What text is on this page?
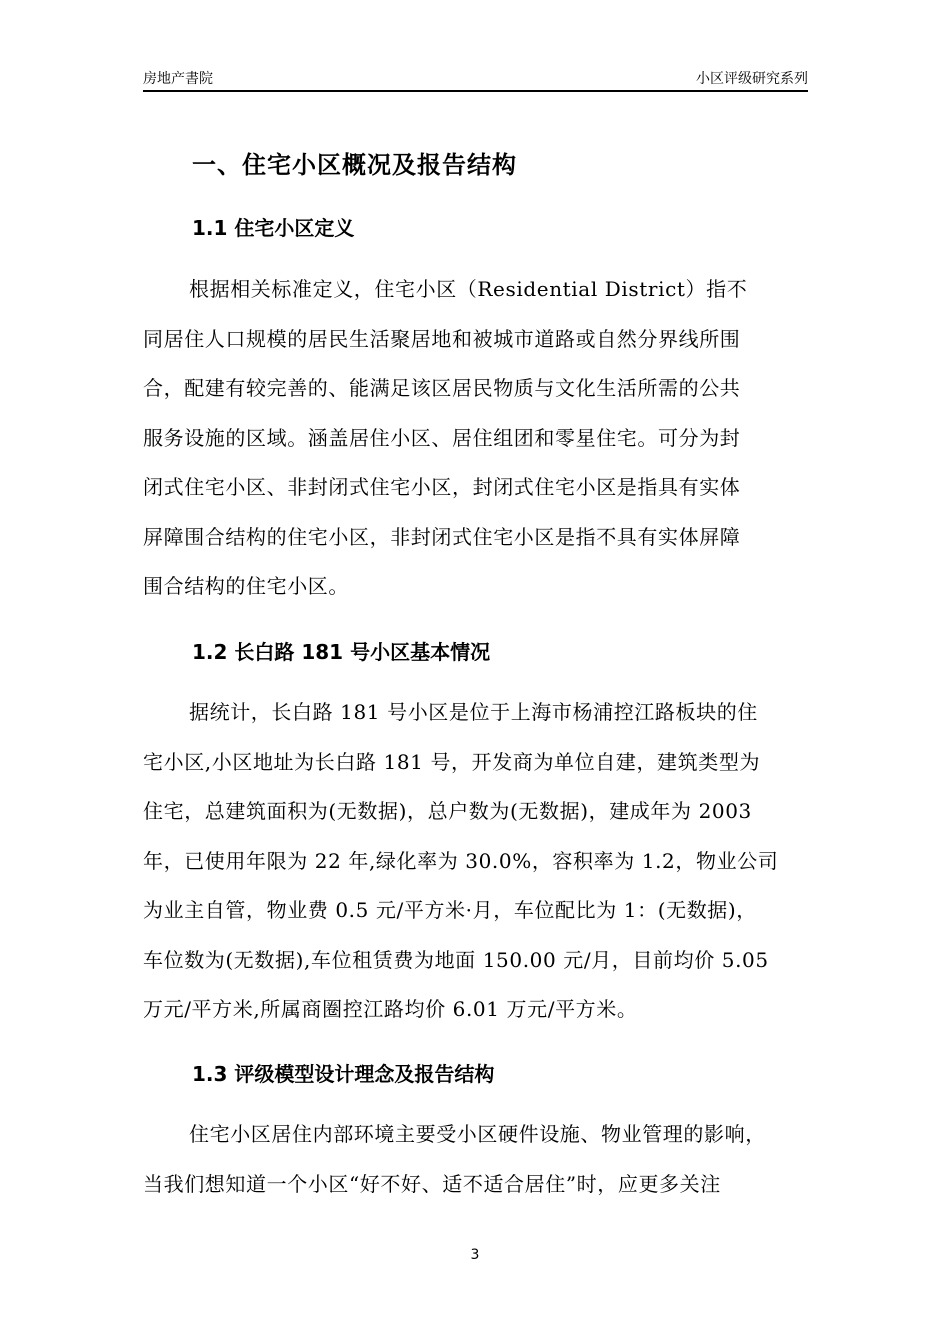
房地产書院	小区评级研究系列
一、住宅小区概况及报告结构
1.1 住宅小区定义
根据相关标准定义，住宅小区（Residential District）指不
同居住人口规模的居民生活聚居地和被城市道路或自然分界线所围
合，配建有较完善的、能满足该区居民物质与文化生活所需的公共
服务设施的区域。涵盖居住小区、居住组团和零星住宅。可分为封
闭式住宅小区、非封闭式住宅小区，封闭式住宅小区是指具有实体
屏障围合结构的住宅小区，非封闭式住宅小区是指不具有实体屏障
围合结构的住宅小区。
1.2 长白路 181 号小区基本情况
据统计，长白路 181 号小区是位于上海市杨浦控江路板块的住
宅小区,小区地址为长白路 181 号，开发商为单位自建，建筑类型为
住宅，总建筑面积为(无数据)，总户数为(无数据)，建成年为 2003
年，已使用年限为 22 年,绿化率为 30.0%，容积率为 1.2，物业公司
为业主自管，物业费 0.5 元/平方米·月，车位配比为 1：(无数据)，
车位数为(无数据),车位租赁费为地面 150.00 元/月，目前均价 5.05
万元/平方米,所属商圈控江路均价 6.01 万元/平方米。
1.3 评级模型设计理念及报告结构
住宅小区居住内部环境主要受小区硬件设施、物业管理的影响，
当我们想知道一个小区“好不好、适不适合居住”时，应更多关注
3
